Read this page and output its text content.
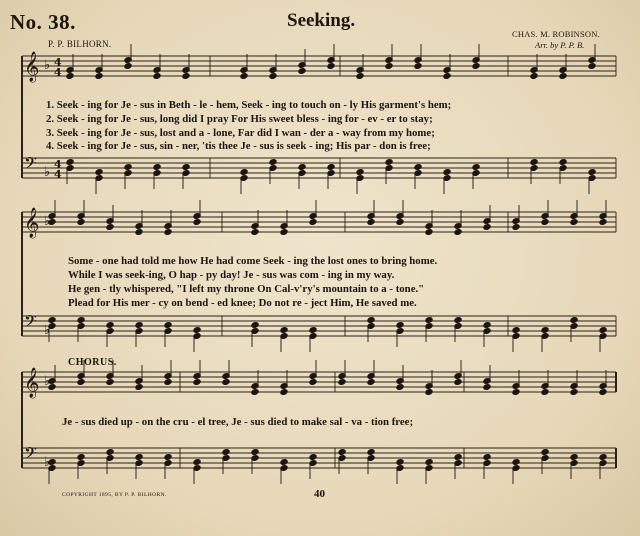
𝄞 ♭ 4
4
𝄢 ♭
4
4
𝄞 ♭
𝄢 ♭
𝄞 ♭
𝄢 ♭
No. 38.	Seeking.
P. P. BILHORN.
CHAS. M. ROBINSON.
Arr. by P. P. B.
1. Seek - ing for Je - sus in Beth - le - hem, Seek - ing to touch on - ly His garment's hem;
2. Seek - ing for Je - sus, long did I pray For His sweet bless - ing for - ev - er to stay;
3. Seek - ing for Je - sus, lost and a - lone, Far did I wan - der a - way from my home;
4. Seek - ing for Je - sus, sin - ner, 'tis thee Je - sus is seek - ing; His par - don is free;
Some - one had told me how He had come Seek - ing the lost ones to bring home.
While I was seek-ing, O hap - py day! Je - sus was com - ing in my way.
He gen - tly whispered, "I left my throne On Cal-v'ry's mountain to a - tone."
Plead for His mer - cy on bend - ed knee; Do not re - ject Him, He saved me.
CHORUS.
Je - sus died up - on the cru - el tree, Je - sus died to make sal - va - tion free;
COPYRIGHT 1895, BY P. P. BILHORN.	40
